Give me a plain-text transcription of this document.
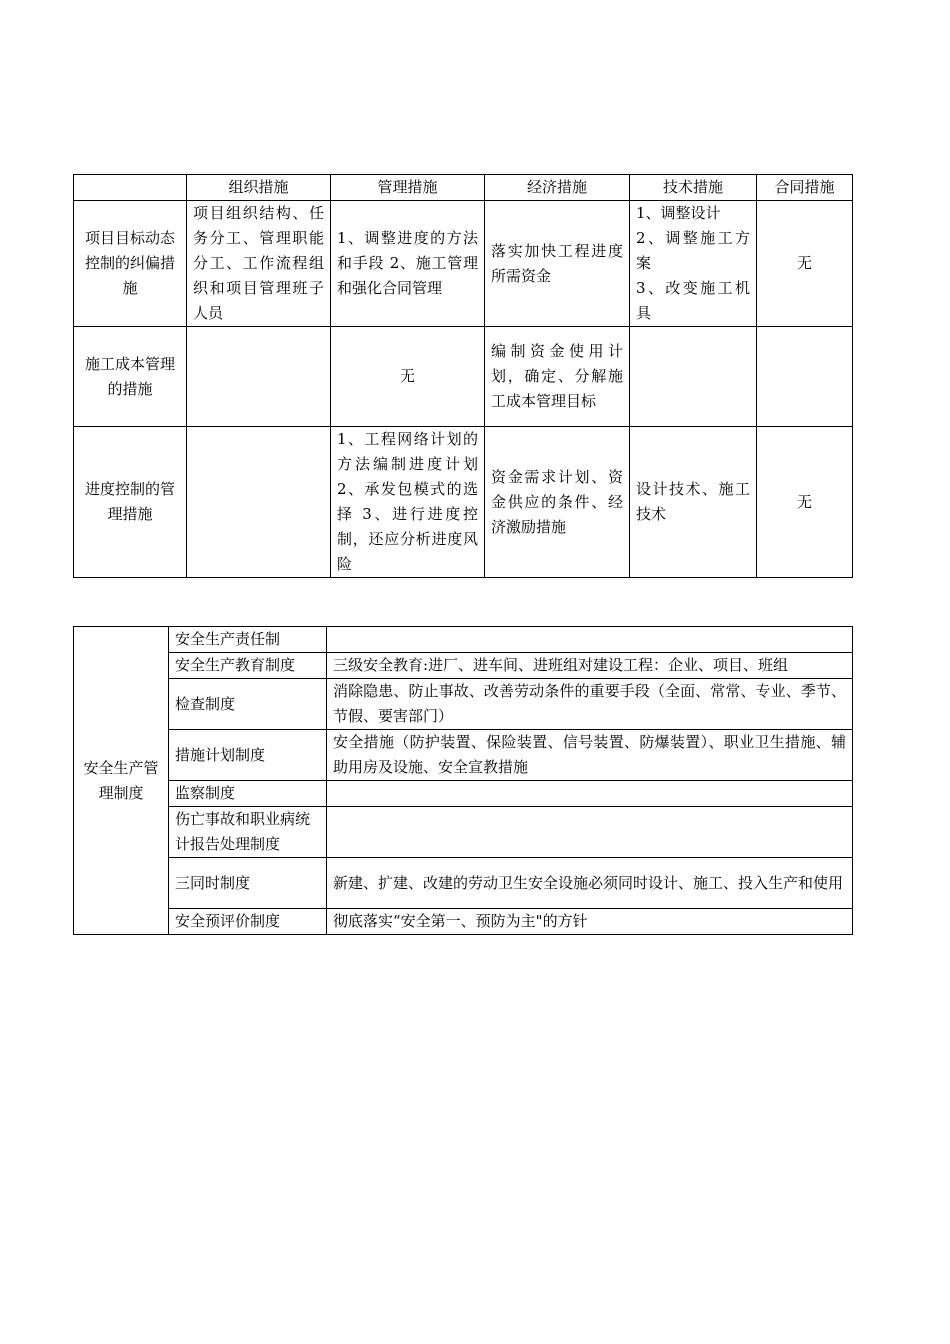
	组织措施	管理措施	经济措施	技术措施	合同措施
项目目标动态控制的纠偏措施	项目组织结构、任务分工、管理职能分工、工作流程组织和项目管理班子人员	1、调整进度的方法和手段 2、施工管理和强化合同管理	落实加快工程进度所需资金	1、调整设计
2、调整施工方案
3、改变施工机具	无
施工成本管理的措施		无	编制资金使用计划，确定、分解施工成本管理目标		
进度控制的管理措施		1、工程网络计划的方法编制进度计划 2、承发包模式的选择 3、进行进度控制，还应分析进度风险	资金需求计划、资金供应的条件、经济激励措施	设计技术、施工技术	无
安全生产管理制度	安全生产责任制	
	安全生产教育制度	三级安全教育:进厂、进车间、进班组对建设工程：企业、项目、班组
	检查制度	消除隐患、防止事故、改善劳动条件的重要手段（全面、常常、专业、季节、节假、要害部门）
	措施计划制度	安全措施（防护装置、保险装置、信号装置、防爆装置）、职业卫生措施、辅助用房及设施、安全宣教措施
	监察制度	
	伤亡事故和职业病统计报告处理制度	
	三同时制度	新建、扩建、改建的劳动卫生安全设施必须同时设计、施工、投入生产和使用
	安全预评价制度	彻底落实“安全第一、预防为主"的方针
